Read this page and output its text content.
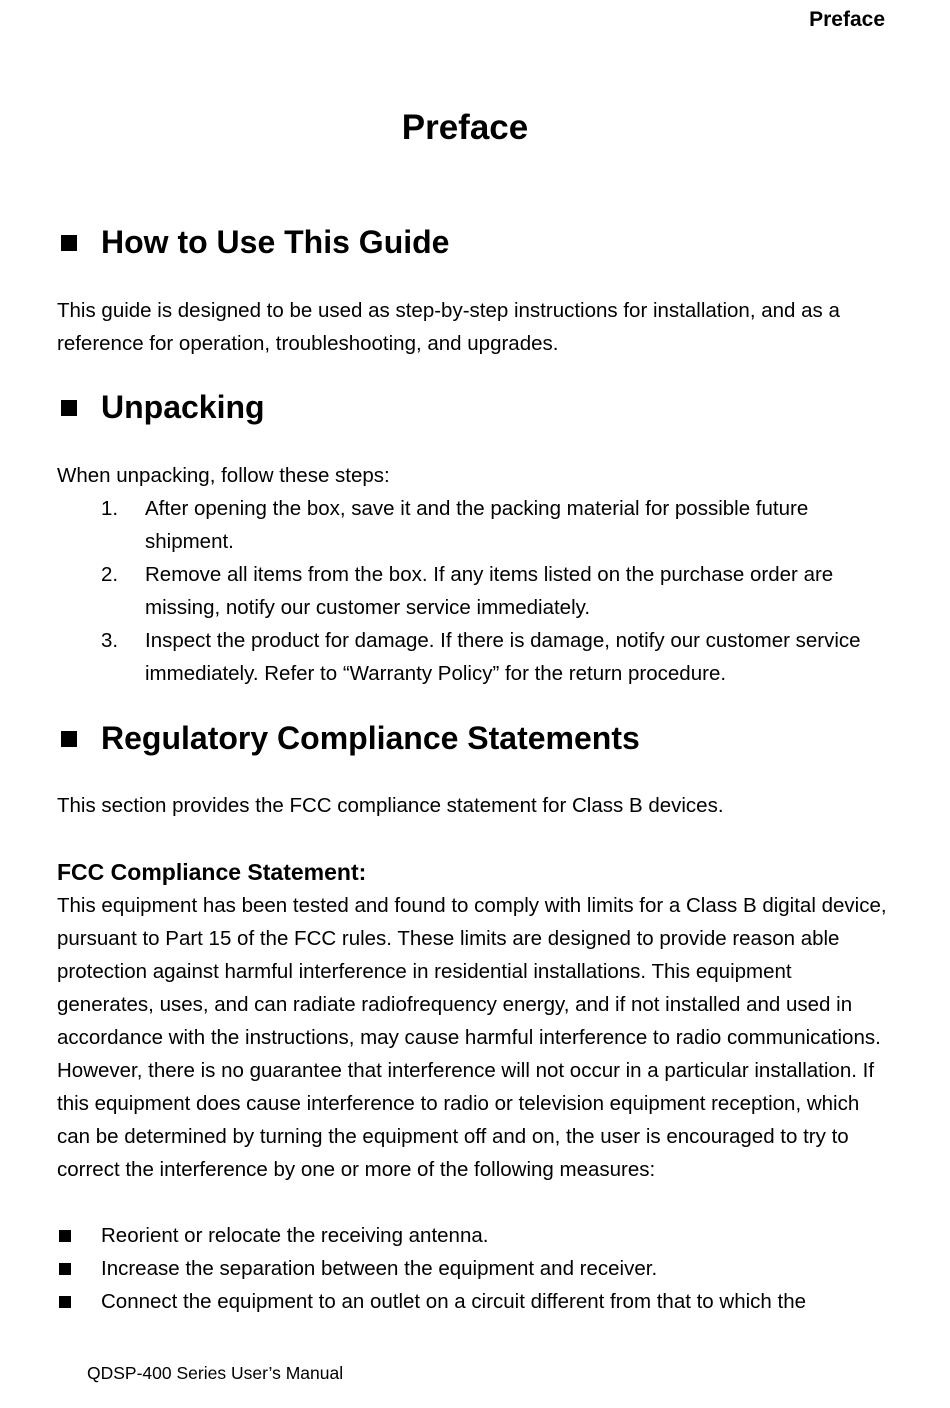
Preface
Preface
How to Use This Guide

This guide is designed to be used as step-by-step instructions for installation, and as a reference for operation, troubleshooting, and upgrades.

Unpacking

When unpacking, follow these steps:

1.	After opening the box, save it and the packing material for possible future shipment.
2.	Remove all items from the box. If any items listed on the purchase order are missing, notify our customer service immediately.
3.	Inspect the product for damage. If there is damage, notify our customer service immediately. Refer to “Warranty Policy” for the return procedure.
Regulatory Compliance Statements

This section provides the FCC compliance statement for Class B devices.

FCC Compliance Statement:

This equipment has been tested and found to comply with limits for a Class B digital device, pursuant to Part 15 of the FCC rules. These limits are designed to provide reason able protection against harmful interference in residential installations. This equipment generates, uses, and can radiate radiofrequency energy, and if not installed and used in accordance with the instructions, may cause harmful interference to radio communications. However, there is no guarantee that interference will not occur in a particular installation. If this equipment does cause interference to radio or television equipment reception, which can be determined by turning the equipment off and on, the user is encouraged to try to correct the interference by one or more of the following measures:

Reorient or relocate the receiving antenna.
Increase the separation between the equipment and receiver.
Connect the equipment to an outlet on a circuit different from that to which the
QDSP-400 Series User’s Manual
